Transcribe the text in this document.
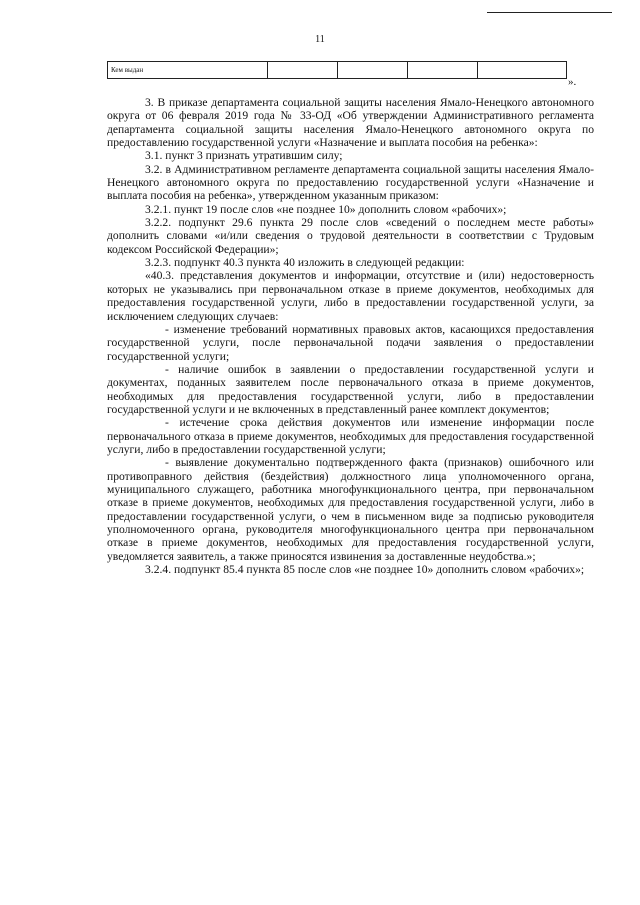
11
Кем выдан				
».

3. В приказе департамента социальной защиты населения Ямало-Ненецкого автономного округа от 06 февраля 2019 года № 33-ОД «Об утверждении Административного регламента департамента социальной защиты населения Ямало-Ненецкого автономного округа по предоставлению государственной услуги «Назначение и выплата пособия на ребенка»:

3.1. пункт 3 признать утратившим силу;

3.2. в Административном регламенте департамента социальной защиты населения Ямало-Ненецкого автономного округа по предоставлению государственной услуги «Назначение и выплата пособия на ребенка», утвержденном указанным приказом:

3.2.1. пункт 19 после слов «не позднее 10» дополнить словом «рабочих»;

3.2.2. подпункт 29.6 пункта 29 после слов «сведений о последнем месте работы» дополнить словами «и/или сведения о трудовой деятельности в соответствии с Трудовым кодексом Российской Федерации»;

3.2.3. подпункт 40.3 пункта 40 изложить в следующей редакции:

«40.3. представления документов и информации, отсутствие и (или) недостоверность которых не указывались при первоначальном отказе в приеме документов, необходимых для предоставления государственной услуги, либо в предоставлении государственной услуги, за исключением следующих случаев:

- изменение требований нормативных правовых актов, касающихся предоставления государственной услуги, после первоначальной подачи заявления о предоставлении государственной услуги;

- наличие ошибок в заявлении о предоставлении государственной услуги и документах, поданных заявителем после первоначального отказа в приеме документов, необходимых для предоставления государственной услуги, либо в предоставлении государственной услуги и не включенных в представленный ранее комплект документов;

- истечение срока действия документов или изменение информации после первоначального отказа в приеме документов, необходимых для предоставления государственной услуги, либо в предоставлении государственной услуги;

- выявление документально подтвержденного факта (признаков) ошибочного или противоправного действия (бездействия) должностного лица уполномоченного органа, муниципального служащего, работника многофункционального центра, при первоначальном отказе в приеме документов, необходимых для предоставления государственной услуги, либо в предоставлении государственной услуги, о чем в письменном виде за подписью руководителя уполномоченного органа, руководителя многофункционального центра при первоначальном отказе в приеме документов, необходимых для предоставления государственной услуги, уведомляется заявитель, а также приносятся извинения за доставленные неудобства.»;

3.2.4. подпункт 85.4 пункта 85 после слов «не позднее 10» дополнить словом «рабочих»;
